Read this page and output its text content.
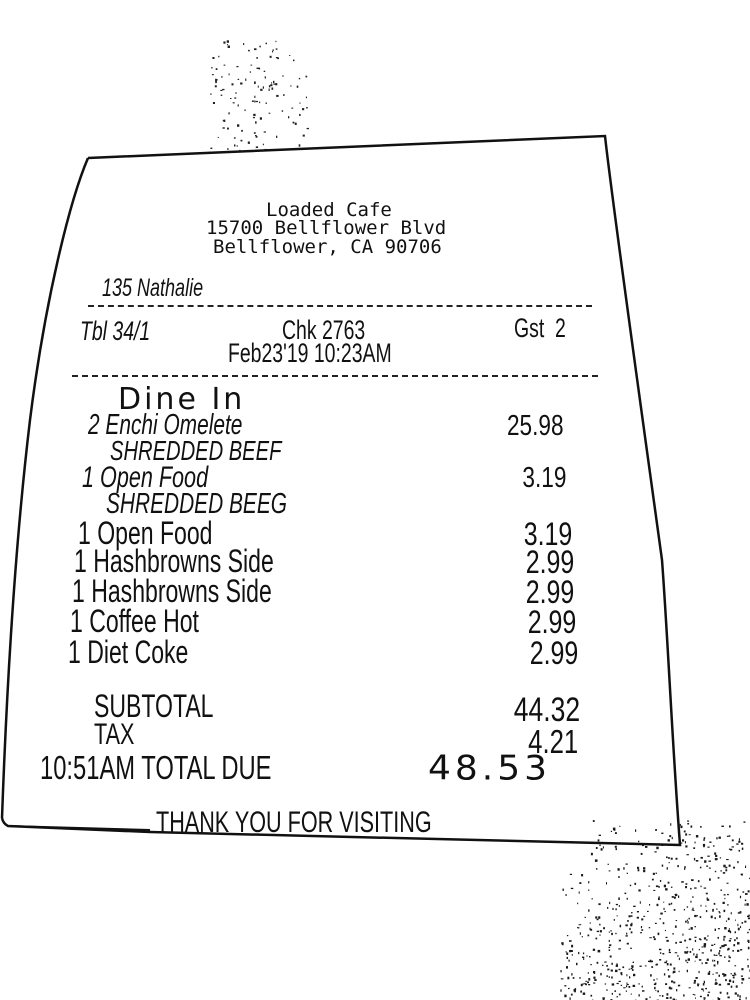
Loaded Cafe
15700 Bellflower Blvd
Bellflower, CA 90706
135 Nathalie
Tbl 34/1	Chk 2763	Gst  2
Feb23'19 10:23AM
Dine In
2 Enchi Omelete	25.98
SHREDDED BEEF
1 Open Food	3.19
SHREDDED BEEG
1 Open Food	3.19
1 Hashbrowns Side	2.99
1 Hashbrowns Side	2.99
1 Coffee Hot	2.99
1 Diet Coke	2.99
SUBTOTAL	44.32
TAX	4.21
10:51AM TOTAL DUE	48.53
THANK YOU FOR VISITING
